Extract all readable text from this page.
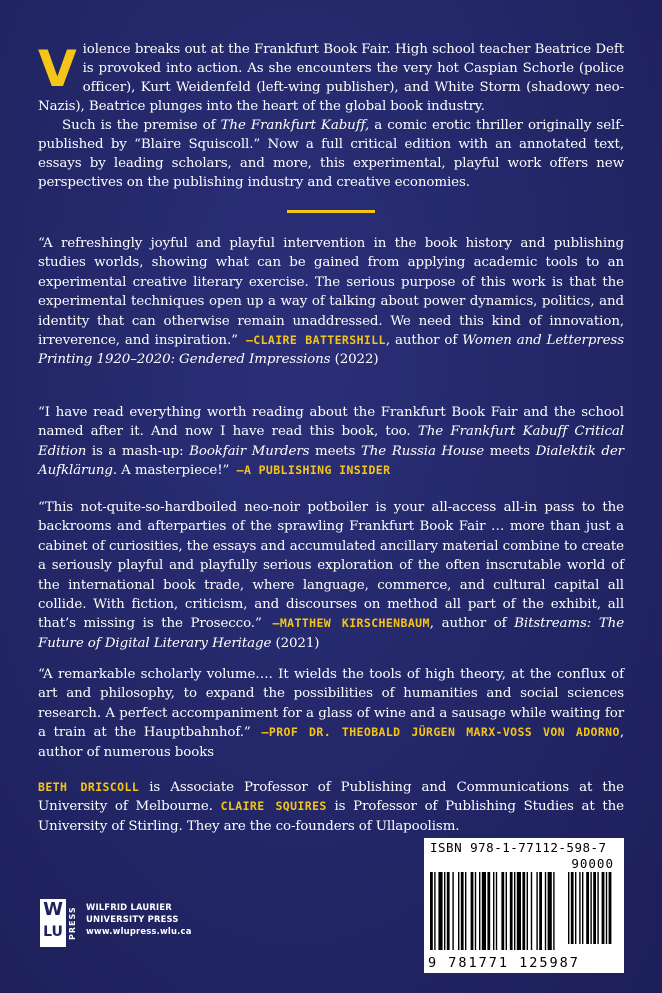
Violence breaks out at the Frankfurt Book Fair. High school teacher Beatrice Deft is provoked into action. As she encounters the very hot Caspian Schorle (police officer), Kurt Weidenfeld (left-wing publisher), and White Storm (shadowy neo-Nazis), Beatrice plunges into the heart of the global book industry.

Such is the premise of The Frankfurt Kabuff, a comic erotic thriller originally self-published by “Blaire Squiscoll.” Now a full critical edition with an annotated text, essays by leading scholars, and more, this experimental, playful work offers new perspectives on the publishing industry and creative economies.

“A refreshingly joyful and playful intervention in the book history and publishing studies worlds, showing what can be gained from applying academic tools to an experimental creative literary exercise. The serious purpose of this work is that the experimental techniques open up a way of talking about power dynamics, politics, and identity that can otherwise remain unaddressed. We need this kind of innovation, irreverence, and inspiration.” —CLAIRE BATTERSHILL, author of Women and Letterpress Printing 1920–2020: Gendered Impressions (2022)

“I have read everything worth reading about the Frankfurt Book Fair and the school named after it. And now I have read this book, too. The Frankfurt Kabuff Critical Edition is a mash-up: Bookfair Murders meets The Russia House meets Dialektik der Aufklärung. A masterpiece!” —A PUBLISHING INSIDER

“This not-quite-so-hardboiled neo-noir potboiler is your all-access all-in pass to the backrooms and afterparties of the sprawling Frankfurt Book Fair … more than just a cabinet of curiosities, the essays and accumulated ancillary material combine to create a seriously playful and playfully serious exploration of the often inscrutable world of the international book trade, where language, commerce, and cultural capital all collide. With fiction, criticism, and discourses on method all part of the exhibit, all that’s missing is the Prosecco.” —MATTHEW KIRSCHENBAUM, author of Bitstreams: The Future of Digital Literary Heritage (2021)

“A remarkable scholarly volume…. It wields the tools of high theory, at the conflux of art and philosophy, to expand the possibilities of humanities and social sciences research. A perfect accompaniment for a glass of wine and a sausage while waiting for a train at the Hauptbahnhof.” —PROF DR. THEOBALD JÜRGEN MARX-VOSS VON ADORNO, author of numerous books

BETH DRISCOLL is Associate Professor of Publishing and Communications at the University of Melbourne. CLAIRE SQUIRES is Professor of Publishing Studies at the University of Stirling. They are the co-founders of Ullapoolism.

W
LU PRESS	WILFRID LAURIER
UNIVERSITY PRESS
www.wlupress.wlu.ca
ISBN 978-1-77112-598-7
90000
9 781771 125987
